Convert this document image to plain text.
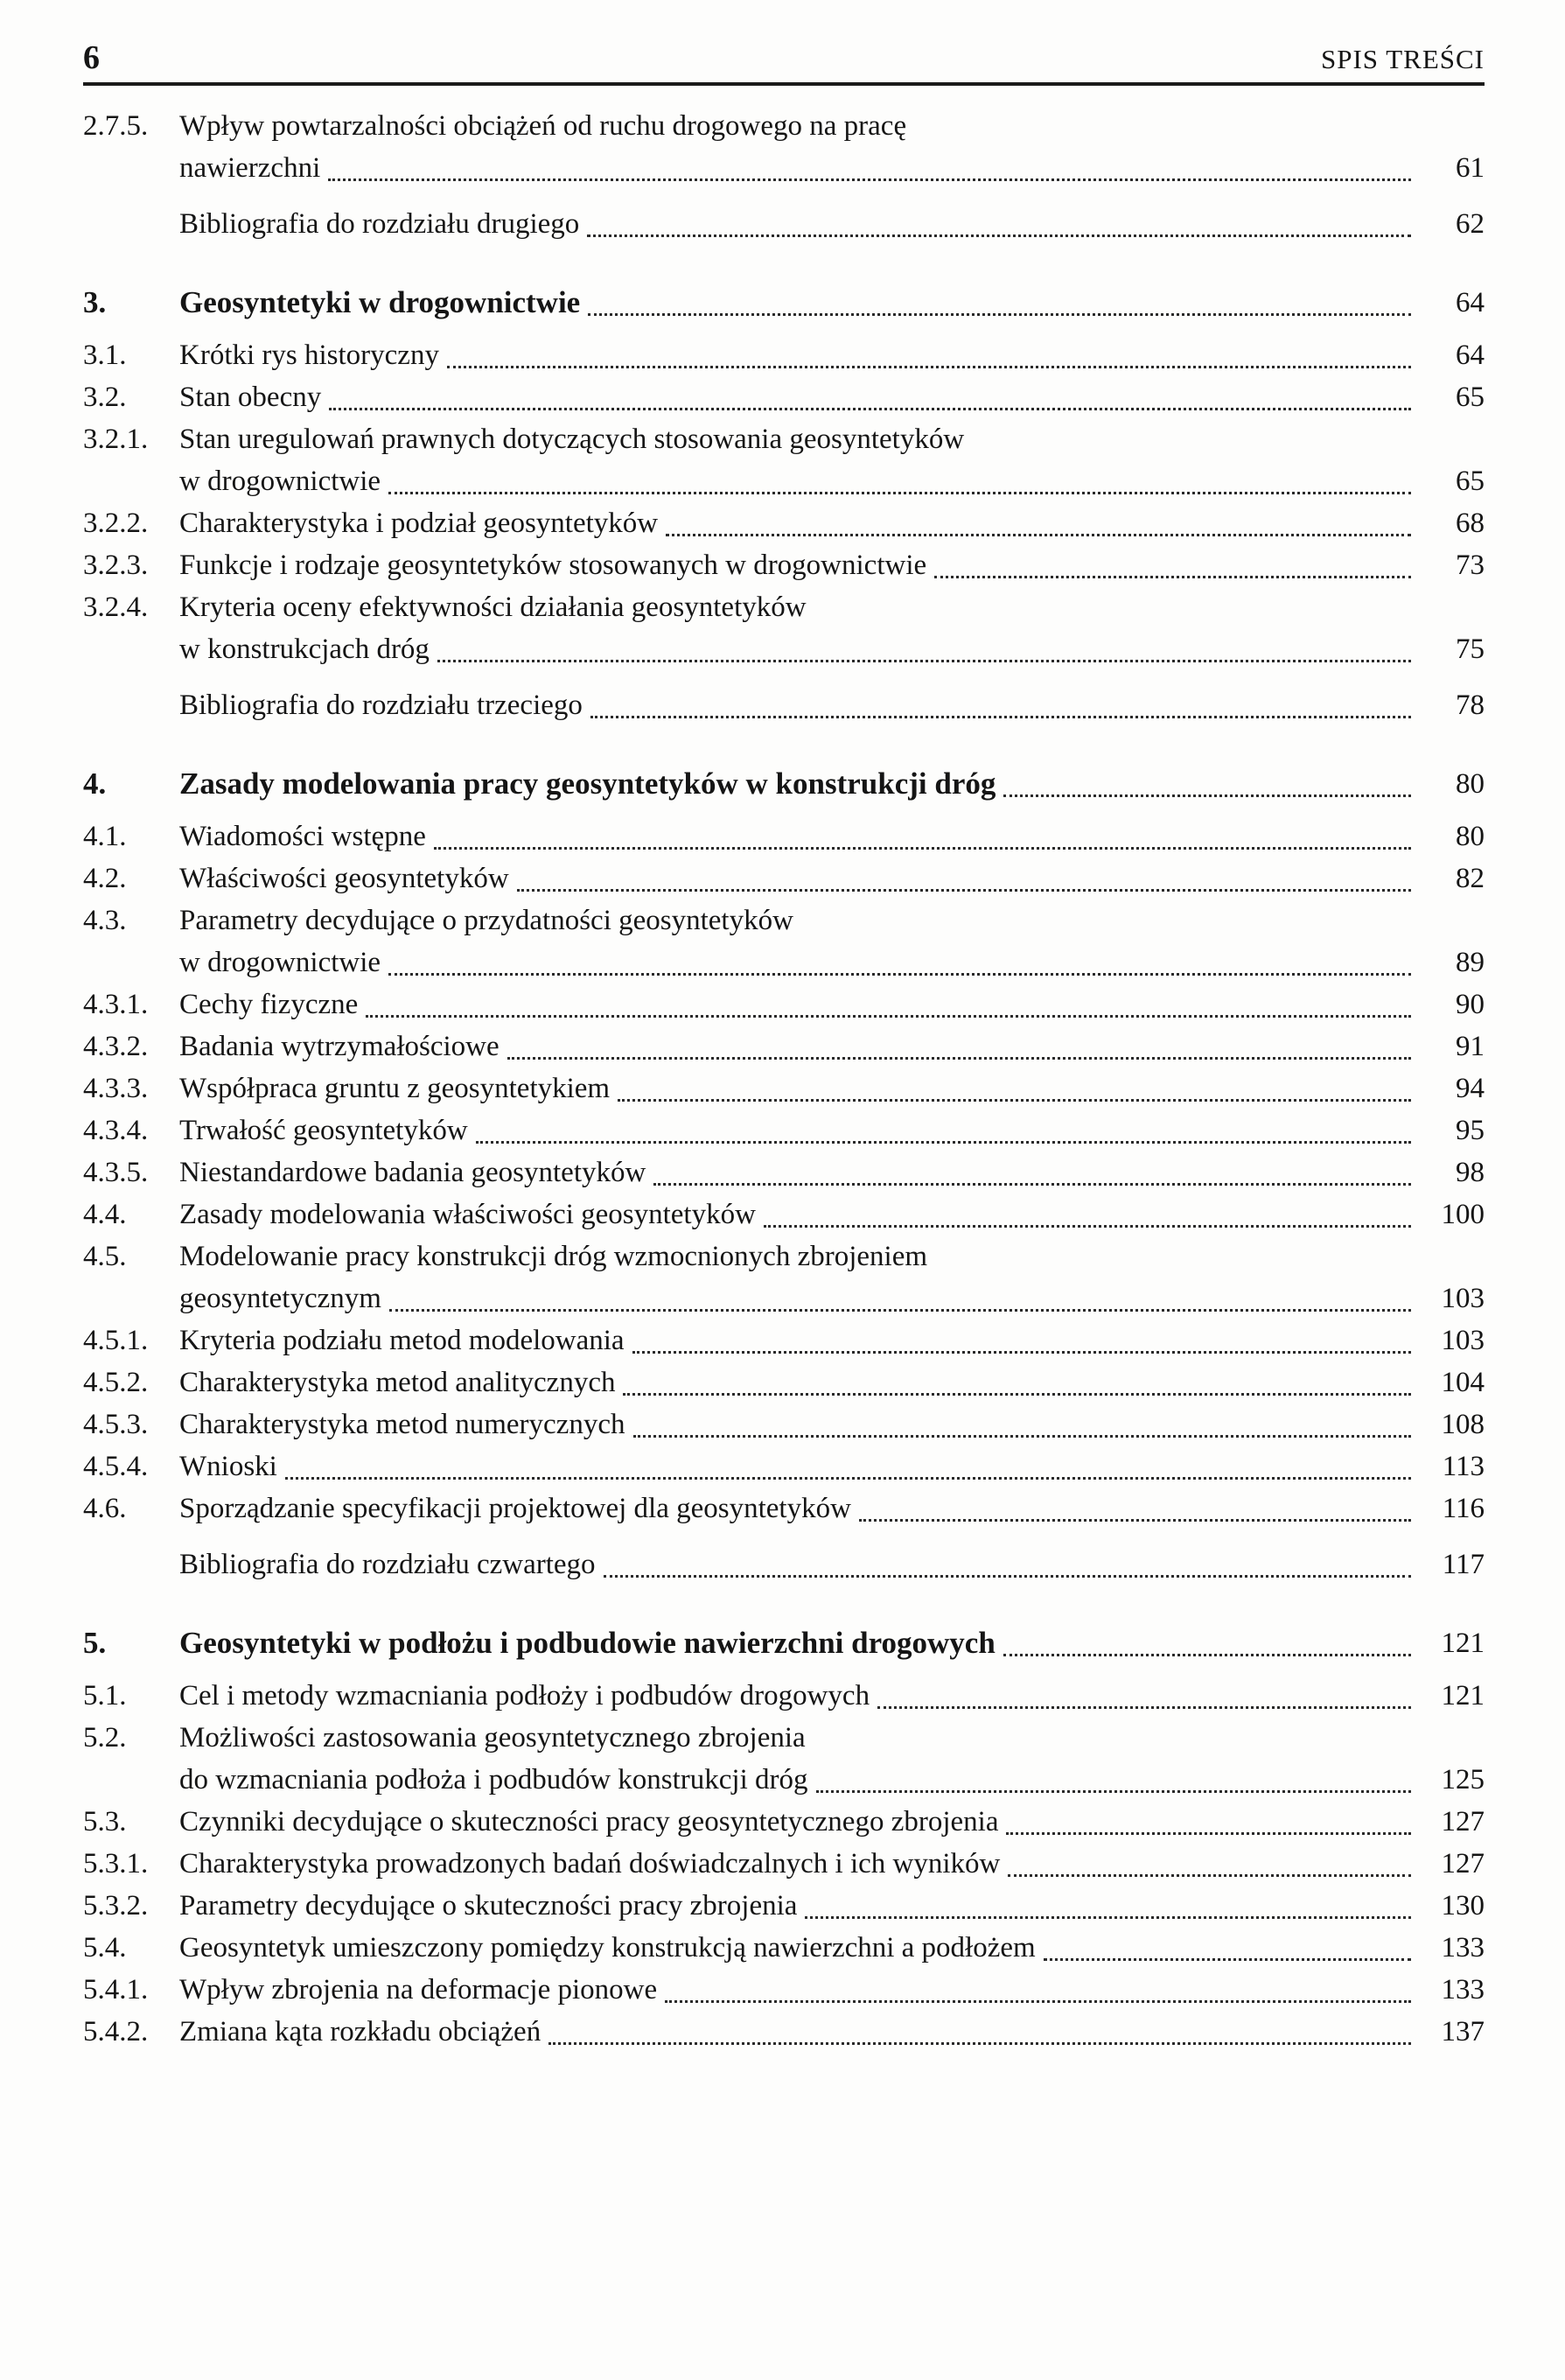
6	SPIS TREŚCI
2.7.5.	Wpływ powtarzalności obciążeń od ruchu drogowego na pracę
nawierzchni	61
Bibliografia do rozdziału drugiego	62
3.	Geosyntetyki w drogownictwie	64
3.1.	Krótki rys historyczny	64
3.2.	Stan obecny	65
3.2.1.	Stan uregulowań prawnych dotyczących stosowania geosyntetyków
w drogownictwie	65
3.2.2.	Charakterystyka i podział geosyntetyków	68
3.2.3.	Funkcje i rodzaje geosyntetyków stosowanych w drogownictwie	73
3.2.4.	Kryteria oceny efektywności działania geosyntetyków
w konstrukcjach dróg	75
Bibliografia do rozdziału trzeciego	78
4.	Zasady modelowania pracy geosyntetyków w konstrukcji dróg	80
4.1.	Wiadomości wstępne	80
4.2.	Właściwości geosyntetyków	82
4.3.	Parametry decydujące o przydatności geosyntetyków
w drogownictwie	89
4.3.1.	Cechy fizyczne	90
4.3.2.	Badania wytrzymałościowe	91
4.3.3.	Współpraca gruntu z geosyntetykiem	94
4.3.4.	Trwałość geosyntetyków	95
4.3.5.	Niestandardowe badania geosyntetyków	98
4.4.	Zasady modelowania właściwości geosyntetyków	100
4.5.	Modelowanie pracy konstrukcji dróg wzmocnionych zbrojeniem
geosyntetycznym	103
4.5.1.	Kryteria podziału metod modelowania	103
4.5.2.	Charakterystyka metod analitycznych	104
4.5.3.	Charakterystyka metod numerycznych	108
4.5.4.	Wnioski	113
4.6.	Sporządzanie specyfikacji projektowej dla geosyntetyków	116
Bibliografia do rozdziału czwartego	117
5.	Geosyntetyki w podłożu i podbudowie nawierzchni drogowych	121
5.1.	Cel i metody wzmacniania podłoży i podbudów drogowych	121
5.2.	Możliwości zastosowania geosyntetycznego zbrojenia
do wzmacniania podłoża i podbudów konstrukcji dróg	125
5.3.	Czynniki decydujące o skuteczności pracy geosyntetycznego zbrojenia	127
5.3.1.	Charakterystyka prowadzonych badań doświadczalnych i ich wyników	127
5.3.2.	Parametry decydujące o skuteczności pracy zbrojenia	130
5.4.	Geosyntetyk umieszczony pomiędzy konstrukcją nawierzchni a podłożem	133
5.4.1.	Wpływ zbrojenia na deformacje pionowe	133
5.4.2.	Zmiana kąta rozkładu obciążeń	137
